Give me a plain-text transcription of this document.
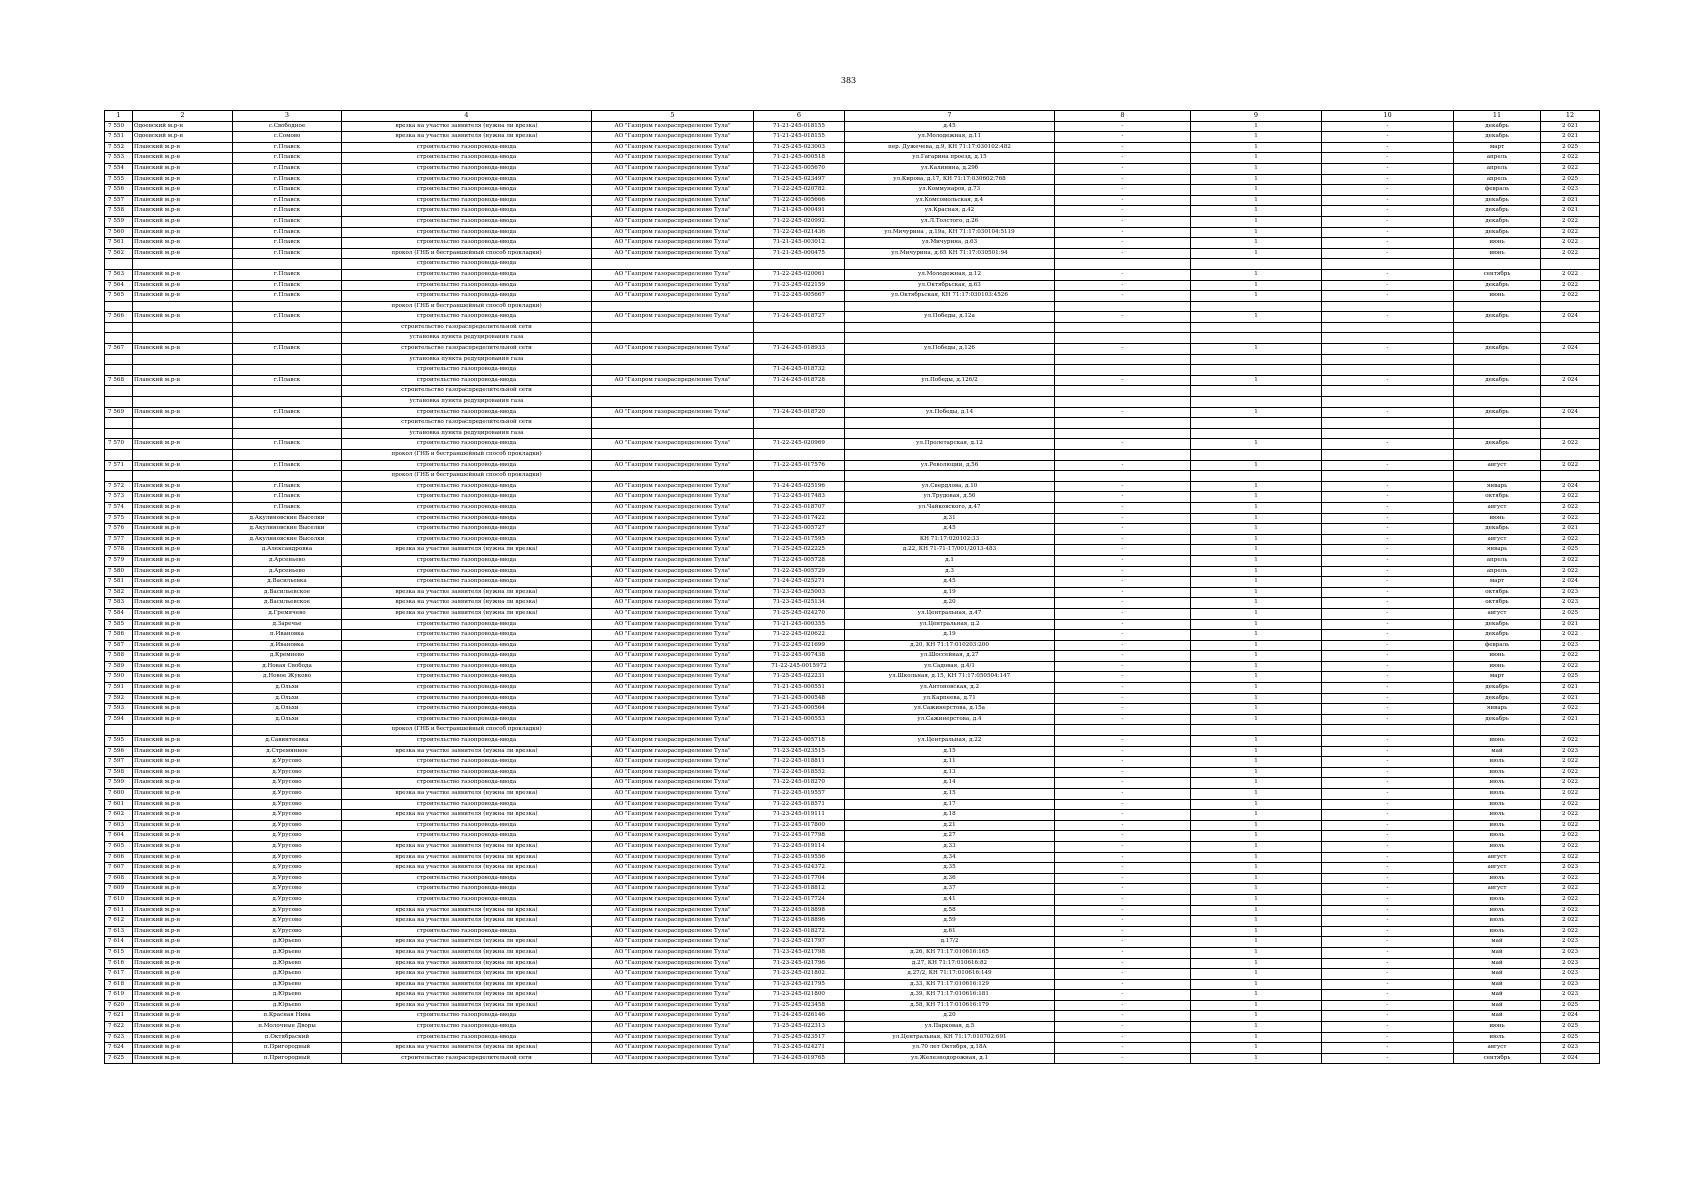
383
1	2	3	4	5	6	7	8	9	10	11	12
7 550	Одоевский м.р-н	с.Свободное	врезка на участке заявителя (нужна ли врезка)	АО "Газпром газораспределение Тула"	71-21-245-018155	д.45	-	1	-	декабрь	2 021
7 551	Одоевский м.р-н	с.Сомово	врезка на участке заявителя (нужна ли врезка)	АО "Газпром газораспределение Тула"	71-21-245-018155	ул.Молодежная, д.11	-	1	-	декабрь	2 021
7 552	Плавский м.р-н	г.Плавск	строительство газопровода-ввода	АО "Газпром газораспределение Тула"	71-25-245-023003	пер. Дужечева, д.9, КН 71:17:030102:482	-	1	-	март	2 025
7 553	Плавский м.р-н	г.Плавск	строительство газопровода-ввода	АО "Газпром газораспределение Тула"	71-21-245-000518	ул.Гагарина проезд, д.15	-	1	-	апрель	2 022
7 554	Плавский м.р-н	г.Плавск	строительство газопровода-ввода	АО "Газпром газораспределение Тула"	71-22-245-005670	ул.Калинина, д.29б	-	1	-	апрель	2 022
7 555	Плавский м.р-н	г.Плавск	строительство газопровода-ввода	АО "Газпром газораспределение Тула"	71-25-245-023497	ул.Кирова, д.17, КН 71:17:030602:768	-	1	-	апрель	2 025
7 556	Плавский м.р-н	г.Плавск	строительство газопровода-ввода	АО "Газпром газораспределение Тула"	71-22-245-020782	ул.Коммунаров, д.73	-	1	-	февраль	2 023
7 557	Плавский м.р-н	г.Плавск	строительство газопровода-ввода	АО "Газпром газораспределение Тула"	71-22-245-005666	ул.Комсомольская, д.4	-	1	-	декабрь	2 021
7 558	Плавский м.р-н	г.Плавск	строительство газопровода-ввода	АО "Газпром газораспределение Тула"	71-21-245-000491	ул.Красная, д.42	-	1	-	декабрь	2 021
7 559	Плавский м.р-н	г.Плавск	строительство газопровода-ввода	АО "Газпром газораспределение Тула"	71-22-245-020992	ул.Л.Толстого, д.26	-	1	-	декабрь	2 022
7 560	Плавский м.р-н	г.Плавск	строительство газопровода-ввода	АО "Газпром газораспределение Тула"	71-22-245-021436	ул.Мичурина , д.19а, КН 71:17:030104:5119	-	1	-	декабрь	2 022
7 561	Плавский м.р-н	г.Плавск	строительство газопровода-ввода	АО "Газпром газораспределение Тула"	71-21-245-003012	ул.Мичурина, д.63	-	1	-	июнь	2 022
7 562	Плавский м.р-н	г.Плавск	прокол (ГНБ и бестраншейный способ прокладки)	АО "Газпром газораспределение Тула"	71-21-245-000475	ул.Мичурина, д.65 КН 71:17:030501:94	-	1	-	июнь	2 022
			строительство газопровода-ввода								
7 563	Плавский м.р-н	г.Плавск	строительство газопровода-ввода	АО "Газпром газораспределение Тула"	71-22-245-020061	ул.Молодежная, д.12	-	1	-	сентябрь	2 022
7 564	Плавский м.р-н	г.Плавск	строительство газопровода-ввода	АО "Газпром газораспределение Тула"	71-23-245-022159	ул.Октябрьская, д.63	-	1	-	декабрь	2 022
7 565	Плавский м.р-н	г.Плавск	строительство газопровода-ввода	АО "Газпром газораспределение Тула"	71-22-245-005667	ул.Октябрьская, КН 71:17:030103:4526	-	1	-	июнь	2 022
			прокол (ГНБ и бестраншейный способ прокладки)								
7 566	Плавский м.р-н	г.Плавск	строительство газопровода-ввода	АО "Газпром газораспределение Тула"	71-24-245-018727	ул.Победы, д.12а	-	1	-	декабрь	2 024
			строительство газораспределительной сети								
			установка пункта редуцирования газа								
7 567	Плавский м.р-н	г.Плавск	строительство газораспределительной сети	АО "Газпром газораспределение Тула"	71-24-245-018933	ул.Победы, д.126	-	1	-	декабрь	2 024
			установка пункта редуцирования газа								
			строительство газопровода-ввода		71-24-245-018732						
7 568	Плавский м.р-н	г.Плавск	строительство газопровода-ввода	АО "Газпром газораспределение Тула"	71-24-245-018728	ул.Победы, д.126/2	-	1	-	декабрь	2 024
			строительство газораспределительной сети								
			установка пункта редуцирования газа								
7 569	Плавский м.р-н	г.Плавск	строительство газопровода-ввода	АО "Газпром газораспределение Тула"	71-24-245-018720	ул.Победы, д.14	-	1	-	декабрь	2 024
			строительство газораспределительной сети								
			установка пункта редуцирования газа								
7 570	Плавский м.р-н	г.Плавск	строительство газопровода-ввода	АО "Газпром газораспределение Тула"	71-22-245-020969	ул.Пролетарская, д.12	-	1	-	декабрь	2 022
			прокол (ГНБ и бестраншейный способ прокладки)								
7 571	Плавский м.р-н	г.Плавск	строительство газопровода-ввода	АО "Газпром газораспределение Тула"	71-22-245-017576	ул.Революции, д.56	-	1	-	август	2 022
			прокол (ГНБ и бестраншейный способ прокладки)								
7 572	Плавский м.р-н	г.Плавск	строительство газопровода-ввода	АО "Газпром газораспределение Тула"	71-24-245-025196	ул.Свердлова, д.10	-	1	-	январь	2 024
7 573	Плавский м.р-н	г.Плавск	строительство газопровода-ввода	АО "Газпром газораспределение Тула"	71-22-245-017483	ул.Трудовая, д.56	-	1	-	октябрь	2 022
7 574	Плавский м.р-н	г.Плавск	строительство газопровода-ввода	АО "Газпром газораспределение Тула"	71-22-245-018707	ул.Чайковского, д.47	-	1	-	август	2 022
7 575	Плавский м.р-н	д.Акулиновские Выселки	строительство газопровода-ввода	АО "Газпром газораспределение Тула"	71-22-245-017422	д.31	-	1	-	июнь	2 022
7 576	Плавский м.р-н	д.Акулиновские Выселки	строительство газопровода-ввода	АО "Газпром газораспределение Тула"	71-22-245-005727	д.45	-	1	-	декабрь	2 021
7 577	Плавский м.р-н	д.Акулиновские Выселки	строительство газопровода-ввода	АО "Газпром газораспределение Тула"	71-22-245-017595	КН 71:17:020102:33	-	1	-	август	2 022
7 578	Плавский м.р-н	д.Александровка	врезка на участке заявителя (нужна ли врезка)	АО "Газпром газораспределение Тула"	71-25-245-022225	д.22, КН 71-71-17/001/2013-483	-	1	-	январь	2 025
7 579	Плавский м.р-н	д.Арсеньево	строительство газопровода-ввода	АО "Газпром газораспределение Тула"	71-22-245-005728	д.1	-	1	-	апрель	2 022
7 580	Плавский м.р-н	д.Арсеньево	строительство газопровода-ввода	АО "Газпром газораспределение Тула"	71-22-245-005729	д.3	-	1	-	апрель	2 022
7 581	Плавский м.р-н	д.Васильевка	строительство газопровода-ввода	АО "Газпром газораспределение Тула"	71-24-245-025271	д.45	-	1	-	март	2 024
7 582	Плавский м.р-н	д.Васильевское	врезка на участке заявителя (нужна ли врезка)	АО "Газпром газораспределение Тула"	71-23-245-025003	д.19	-	1	-	октябрь	2 023
7 583	Плавский м.р-н	д.Васильевское	врезка на участке заявителя (нужна ли врезка)	АО "Газпром газораспределение Тула"	71-23-245-025134	д.20	-	1	-	октябрь	2 023
7 584	Плавский м.р-н	д.Гремячево	врезка на участке заявителя (нужна ли врезка)	АО "Газпром газораспределение Тула"	71-25-245-024270	ул.Центральная, д.47	-	1	-	август	2 025
7 585	Плавский м.р-н	д.Заречье	строительство газопровода-ввода	АО "Газпром газораспределение Тула"	71-21-245-000355	ул.Центральная, д.2	-	1	-	декабрь	2 021
7 586	Плавский м.р-н	п.Ивановка	строительство газопровода-ввода	АО "Газпром газораспределение Тула"	71-22-245-020622	д.19	-	1	-	декабрь	2 022
7 587	Плавский м.р-н	д.Ивановка	строительство газопровода-ввода	АО "Газпром газораспределение Тула"	71-22-245-021699	д.20, КН 71:17:010203:200	-	1	-	февраль	2 023
7 588	Плавский м.р-н	д.Кремнево	строительство газопровода-ввода	АО "Газпром газораспределение Тула"	71-22-245-007438	ул.Шоссейная, д.27	-	1	-	июнь	2 022
7 589	Плавский м.р-н	д.Новая Свобода	строительство газопровода-ввода	АО "Газпром газораспределение Тула"	71-22-245-0015972	ул.Садовая, д.4/1	-	1	-	июнь	2 022
7 590	Плавский м.р-н	д.Новое Жуково	строительство газопровода-ввода	АО "Газпром газораспределение Тула"	71-25-245-022231	ул.Школьная, д.15, КН 71:17:050504:147	-	1	-	март	2 025
7 591	Плавский м.р-н	д.Ольхи	строительство газопровода-ввода	АО "Газпром газораспределение Тула"	71-21-245-000551	ул.Антоновская, д.2	-	1	-	декабрь	2 021
7 592	Плавский м.р-н	д.Ольхи	строительство газопровода-ввода	АО "Газпром газораспределение Тула"	71-21-245-000548	ул.Карпеева, д.71	-	1	-	декабрь	2 021
7 593	Плавский м.р-н	д.Ольхи	строительство газопровода-ввода	АО "Газпром газораспределение Тула"	71-21-245-000564	ул.Сажинерстова, д.15а	-	1	-	январь	2 022
7 594	Плавский м.р-н	д.Ольхи	строительство газопровода-ввода	АО "Газпром газораспределение Тула"	71-21-245-000553	ул.Сажинерстова, д.4	-	1	-	декабрь	2 021
			прокол (ГНБ и бестраншейный способ прокладки)								
7 595	Плавский м.р-н	д.Савинтеевка	строительство газопровода-ввода	АО "Газпром газораспределение Тула"	71-22-245-005718	ул.Центральная, д.22	-	1	-	июнь	2 022
7 596	Плавский м.р-н	д.Стремянное	врезка на участке заявителя (нужна ли врезка)	АО "Газпром газораспределение Тула"	71-23-245-023515	д.15	-	1	-	май	2 023
7 597	Плавский м.р-н	д.Урусово	строительство газопровода-ввода	АО "Газпром газораспределение Тула"	71-22-245-018811	д.11	-	1	-	июль	2 022
7 598	Плавский м.р-н	д.Урусово	строительство газопровода-ввода	АО "Газпром газораспределение Тула"	71-22-245-018552	д.13	-	1	-	июль	2 022
7 599	Плавский м.р-н	д.Урусово	строительство газопровода-ввода	АО "Газпром газораспределение Тула"	71-22-245-018270	д.14	-	1	-	июль	2 022
7 600	Плавский м.р-н	д.Урусово	врезка на участке заявителя (нужна ли врезка)	АО "Газпром газораспределение Тула"	71-22-245-019557	д.15	-	1	-	июль	2 022
7 601	Плавский м.р-н	д.Урусово	строительство газопровода-ввода	АО "Газпром газораспределение Тула"	71-22-245-018571	д.17	-	1	-	июль	2 022
7 602	Плавский м.р-н	д.Урусово	врезка на участке заявителя (нужна ли врезка)	АО "Газпром газораспределение Тула"	71-23-245-019111	д.18	-	1	-	июль	2 022
7 603	Плавский м.р-н	д.Урусово	строительство газопровода-ввода	АО "Газпром газораспределение Тула"	71-22-245-017800	д.21	-	1	-	июль	2 022
7 604	Плавский м.р-н	д.Урусово	строительство газопровода-ввода	АО "Газпром газораспределение Тула"	71-22-245-017798	д.27	-	1	-	июль	2 022
7 605	Плавский м.р-н	д.Урусово	врезка на участке заявителя (нужна ли врезка)	АО "Газпром газораспределение Тула"	71-22-245-019114	д.33	-	1	-	июль	2 022
7 606	Плавский м.р-н	д.Урусово	врезка на участке заявителя (нужна ли врезка)	АО "Газпром газораспределение Тула"	71-22-245-019556	д.34	-	1	-	август	2 022
7 607	Плавский м.р-н	д.Урусово	врезка на участке заявителя (нужна ли врезка)	АО "Газпром газораспределение Тула"	71-23-245-024372	д.35	-	1	-	август	2 023
7 608	Плавский м.р-н	д.Урусово	строительство газопровода-ввода	АО "Газпром газораспределение Тула"	71-22-245-017704	д.36	-	1	-	июль	2 022
7 609	Плавский м.р-н	д.Урусово	строительство газопровода-ввода	АО "Газпром газораспределение Тула"	71-22-245-018812	д.37	-	1	-	август	2 022
7 610	Плавский м.р-н	д.Урусово	строительство газопровода-ввода	АО "Газпром газораспределение Тула"	71-22-245-017724	д.41	-	1	-	июль	2 022
7 611	Плавский м.р-н	д.Урусово	врезка на участке заявителя (нужна ли врезка)	АО "Газпром газораспределение Тула"	71-22-245-018898	д.58	-	1	-	июль	2 022
7 612	Плавский м.р-н	д.Урусово	врезка на участке заявителя (нужна ли врезка)	АО "Газпром газораспределение Тула"	71-22-245-018896	д.59	-	1	-	июль	2 022
7 613	Плавский м.р-н	д.Урусово	строительство газопровода-ввода	АО "Газпром газораспределение Тула"	71-22-245-018272	д.61	-	1	-	июль	2 022
7 614	Плавский м.р-н	д.Юрьево	врезка на участке заявителя (нужна ли врезка)	АО "Газпром газораспределение Тула"	71-23-245-021797	д.17/2	-	1	-	май	2 023
7 615	Плавский м.р-н	д.Юрьево	врезка на участке заявителя (нужна ли врезка)	АО "Газпром газораспределение Тула"	71-23-245-021798	д.26, КН 71:17:010616:165	-	1	-	май	2 023
7 616	Плавский м.р-н	д.Юрьево	врезка на участке заявителя (нужна ли врезка)	АО "Газпром газораспределение Тула"	71-23-245-021796	д.27, КН 71:17:010616:82	-	1	-	май	2 023
7 617	Плавский м.р-н	д.Юрьево	врезка на участке заявителя (нужна ли врезка)	АО "Газпром газораспределение Тула"	71-23-245-021802	д.27/2, КН 71:17:010616:149	-	1	-	май	2 023
7 618	Плавский м.р-н	д.Юрьево	врезка на участке заявителя (нужна ли врезка)	АО "Газпром газораспределение Тула"	71-23-245-021795	д.33, КН 71:17:010616:129	-	1	-	май	2 023
7 619	Плавский м.р-н	д.Юрьево	врезка на участке заявителя (нужна ли врезка)	АО "Газпром газораспределение Тула"	71-23-245-021800	д.39, КН 71:17:010616:181	-	1	-	май	2 023
7 620	Плавский м.р-н	д.Юрьево	врезка на участке заявителя (нужна ли врезка)	АО "Газпром газораспределение Тула"	71-25-245-023458	д.58, КН 71:17:010616:179	-	1	-	май	2 025
7 621	Плавский м.р-н	п.Красная Нива	строительство газопровода-ввода	АО "Газпром газораспределение Тула"	71-24-245-026146	д.20	-	1	-	май	2 024
7 622	Плавский м.р-н	п.Молочные Дворы	строительство газопровода-ввода	АО "Газпром газораспределение Тула"	71-25-245-022313	ул.Парковая, д.5	-	1	-	июнь	2 025
7 623	Плавский м.р-н	п.Октябрьский	строительство газопровода-ввода	АО "Газпром газораспределение Тула"	71-25-245-023517	ул.Центральная, КН 71:17:010702:691	-	1	-	июль	2 025
7 624	Плавский м.р-н	п.Пригородный	врезка на участке заявителя (нужна ли врезка)	АО "Газпром газораспределение Тула"	71-23-245-024271	ул.70 лет Октября, д.18А	-	1	-	август	2 023
7 625	Плавский м.р-н	п.Пригородный	строительство газораспределительной сети	АО "Газпром газораспределение Тула"	71-24-245-019765	ул.Железнодорожная, д.1	-	1	-	сентябрь	2 024
